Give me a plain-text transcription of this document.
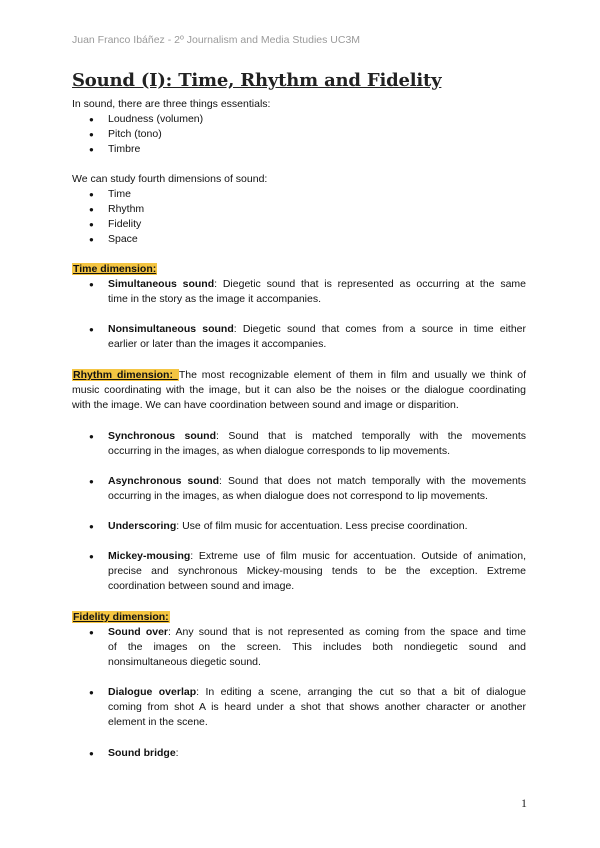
Juan Franco Ibáñez - 2º Journalism and Media Studies UC3M
Sound (I): Time, Rhythm and Fidelity
In sound, there are three things essentials:
● Loudness (volumen)
● Pitch (tono)
● Timbre
We can study fourth dimensions of sound:
● Time
● Rhythm
● Fidelity
● Space
Time dimension:
● Simultaneous sound: Diegetic sound that is represented as occurring at the same
time in the story as the image it accompanies.
● Nonsimultaneous sound: Diegetic sound that comes from a source in time either
earlier or later than the images it accompanies.
Rhythm dimension: The most recognizable element of them in film and usually we think of
music coordinating with the image, but it can also be the noises or the dialogue coordinating
with the image. We can have coordination between sound and image or disparition.
● Synchronous sound: Sound that is matched temporally with the movements
occurring in the images, as when dialogue corresponds to lip movements.
● Asynchronous sound: Sound that does not match temporally with the movements
occurring in the images, as when dialogue does not correspond to lip movements.
● Underscoring: Use of film music for accentuation. Less precise coordination.
● Mickey-mousing: Extreme use of film music for accentuation. Outside of animation,
precise and synchronous Mickey-mousing tends to be the exception. Extreme
coordination between sound and image.
Fidelity dimension:
● Sound over: Any sound that is not represented as coming from the space and time
of the images on the screen. This includes both nondiegetic sound and
nonsimultaneous diegetic sound.
● Dialogue overlap: In editing a scene, arranging the cut so that a bit of dialogue
coming from shot A is heard under a shot that shows another character or another
element in the scene.
● Sound bridge:
1
